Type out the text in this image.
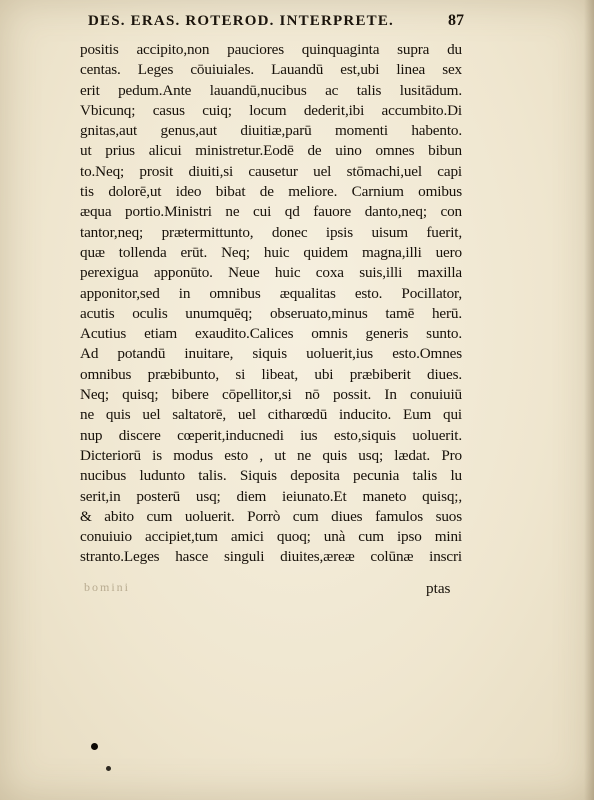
DES. ERAS. ROTEROD. INTERPRETE.	87
positis accipito,non pauciores quinquaginta supra du
centas. Leges cōuiuiales. Lauandū est,ubi linea sex
erit pedum.Ante lauandū,nucibus ac talis lusitādum.
Vbicunq; casus cuiq; locum dederit,ibi accumbito.Di
gnitas,aut genus,aut diuitiæ,parū momenti habento.
ut prius alicui ministretur.Eodē de uino omnes bibun
to.Neq; prosit diuiti,si causetur uel stōmachi,uel capi
tis dolorē,ut ideo bibat de meliore. Carnium omibus
æqua portio.Ministri ne cui qd fauore danto,neq; con
tantor,neq; prætermittunto, donec ipsis uisum fuerit,
quæ tollenda erūt. Neq; huic quidem magna,illi uero
perexigua apponūto. Neue huic coxa suis,illi maxilla
apponitor,sed in omnibus æqualitas esto. Pocillator,
acutis oculis unumquēq; obseruato,minus tamē herū.
Acutius etiam exaudito.Calices omnis generis sunto.
Ad potandū inuitare, siquis uoluerit,ius esto.Omnes
omnibus præbibunto, si libeat, ubi præbiberit diues.
Neq; quisq; bibere cōpellitor,si nō possit. In conuiuiū
ne quis uel saltatorē, uel citharœdū inducito. Eum qui
nup discere cœperit,inducnedi ius esto,siquis uoluerit.
Dicteriorū is modus esto , ut ne quis usq; lædat. Pro
nucibus luduntо talis. Siquis deposita pecunia talis lu
serit,in posterū usq; diem ieiunato.Et maneto quisq;,
& abito cum uoluerit. Porrò cum diues famulos suos
conuiuio accipiet,tum amici quoq; unà cum ipso mini
stranto.Leges hasce singuli diuites,æreæ colūnæ inscri
bomini	ptas
